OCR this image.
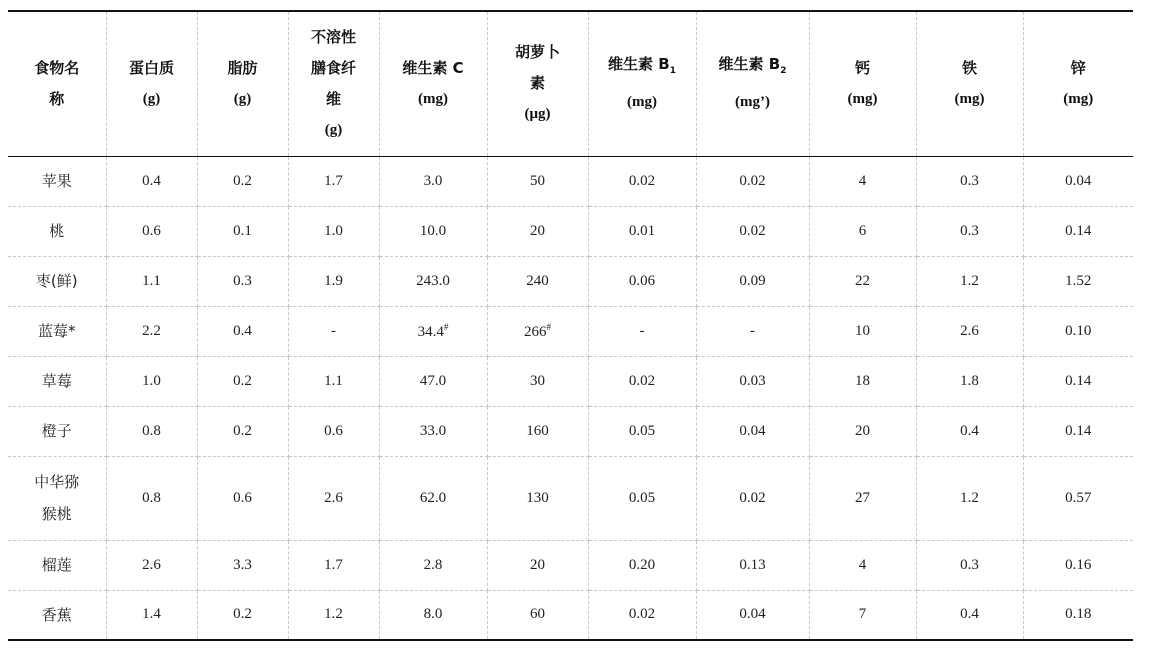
食物名
称	蛋白质
(g)	脂肪
(g)	不溶性
膳食纤
维
(g)	维生素 C
(mg)	胡萝卜
素
(μg)	维生素 $B_1$
(mg)	维生素 $B_2$
(mg’)	钙
(mg)	铁
(mg)	锌
(mg)

苹果	0.4	0.2	1.7	3.0	50	0.02	0.02	4	0.3	0.04

桃	0.6	0.1	1.0	10.0	20	0.01	0.02	6	0.3	0.14

枣(鲜)	1.1	0.3	1.9	243.0	240	0.06	0.09	22	1.2	1.52

蓝莓*	2.2	0.4	-	34.4#	266#	-	-	10	2.6	0.10

草莓	1.0	0.2	1.1	47.0	30	0.02	0.03	18	1.8	0.14

橙子	0.8	0.2	0.6	33.0	160	0.05	0.04	20	0.4	0.14

中华猕
猴桃	0.8	0.6	2.6	62.0	130	0.05	0.02	27	1.2	0.57

榴莲	2.6	3.3	1.7	2.8	20	0.20	0.13	4	0.3	0.16

香蕉	1.4	0.2	1.2	8.0	60	0.02	0.04	7	0.4	0.18
